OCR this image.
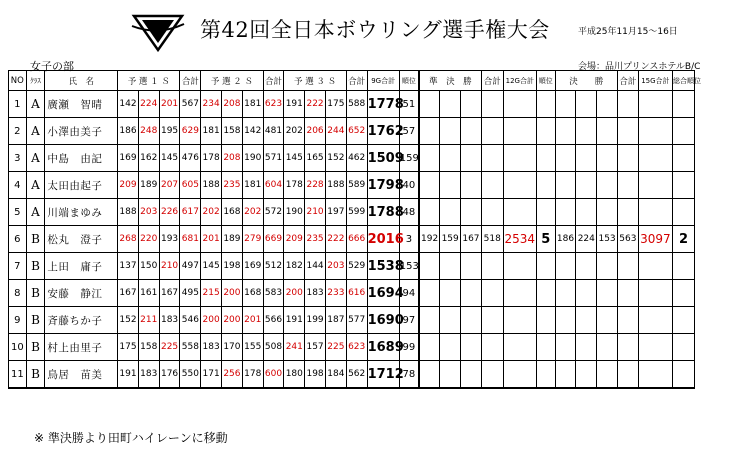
第42回全日本ボウリング選手権大会	平成25年11月15～16日
女子の部	会場：品川プリンスホテルB/C
NO	ｸﾗｽ	氏　名	予 選 １ Ｓ			合計	予 選 ２ Ｓ			合計	予 選 ３ Ｓ			合計	9G合計	順位	準　決　勝			合計	12G合計	順位	決　　勝			合計	15G合計	総合順位
1	A	廣瀬　智晴	142	224	201	567	234	208	181	623	191	222	175	588	1778	51												
2	A	小澤由美子	186	248	195	629	181	158	142	481	202	206	244	652	1762	57												
3	A	中島　由記	169	162	145	476	178	208	190	571	145	165	152	462	1509	159												
4	A	太田由起子	209	189	207	605	188	235	181	604	178	228	188	589	1798	40												
5	A	川端まゆみ	188	203	226	617	202	168	202	572	190	210	197	599	1788	48												
6	B	松丸　澄子	268	220	193	681	201	189	279	669	209	235	222	666	2016	3	192	159	167	518	2534	5	186	224	153	563	3097	2
7	B	上田　庸子	137	150	210	497	145	198	169	512	182	144	203	529	1538	153												
8	B	安藤　静江	167	161	167	495	215	200	168	583	200	183	233	616	1694	94												
9	B	斉藤ちか子	152	211	183	546	200	200	201	566	191	199	187	577	1690	97												
10	B	村上由里子	175	158	225	558	183	170	155	508	241	157	225	623	1689	99												
11	B	鳥居　苗美	191	183	176	550	171	256	178	600	180	198	184	562	1712	78												
※ 準決勝より田町ハイレーンに移動
